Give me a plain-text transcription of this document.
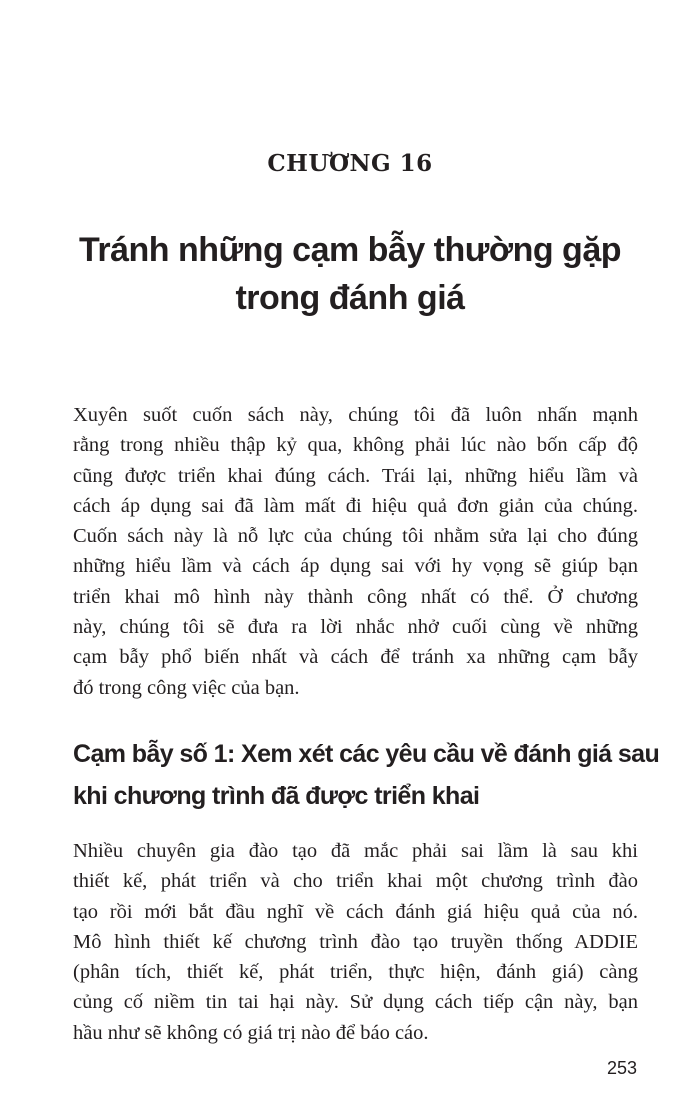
CHƯƠNG 16
Tránh những cạm bẫy thường gặp
trong đánh giá
Xuyên suốt cuốn sách này, chúng tôi đã luôn nhấn mạnh
rằng trong nhiều thập kỷ qua, không phải lúc nào bốn cấp độ
cũng được triển khai đúng cách. Trái lại, những hiểu lầm và
cách áp dụng sai đã làm mất đi hiệu quả đơn giản của chúng.
Cuốn sách này là nỗ lực của chúng tôi nhằm sửa lại cho đúng
những hiểu lầm và cách áp dụng sai với hy vọng sẽ giúp bạn
triển khai mô hình này thành công nhất có thể. Ở chương
này, chúng tôi sẽ đưa ra lời nhắc nhở cuối cùng về những
cạm bẫy phổ biến nhất và cách để tránh xa những cạm bẫy
đó trong công việc của bạn.
Cạm bẫy số 1: Xem xét các yêu cầu về đánh giá sau
khi chương trình đã được triển khai
Nhiều chuyên gia đào tạo đã mắc phải sai lầm là sau khi
thiết kế, phát triển và cho triển khai một chương trình đào
tạo rồi mới bắt đầu nghĩ về cách đánh giá hiệu quả của nó.
Mô hình thiết kế chương trình đào tạo truyền thống ADDIE
(phân tích, thiết kế, phát triển, thực hiện, đánh giá) càng
củng cố niềm tin tai hại này. Sử dụng cách tiếp cận này, bạn
hầu như sẽ không có giá trị nào để báo cáo.
253
